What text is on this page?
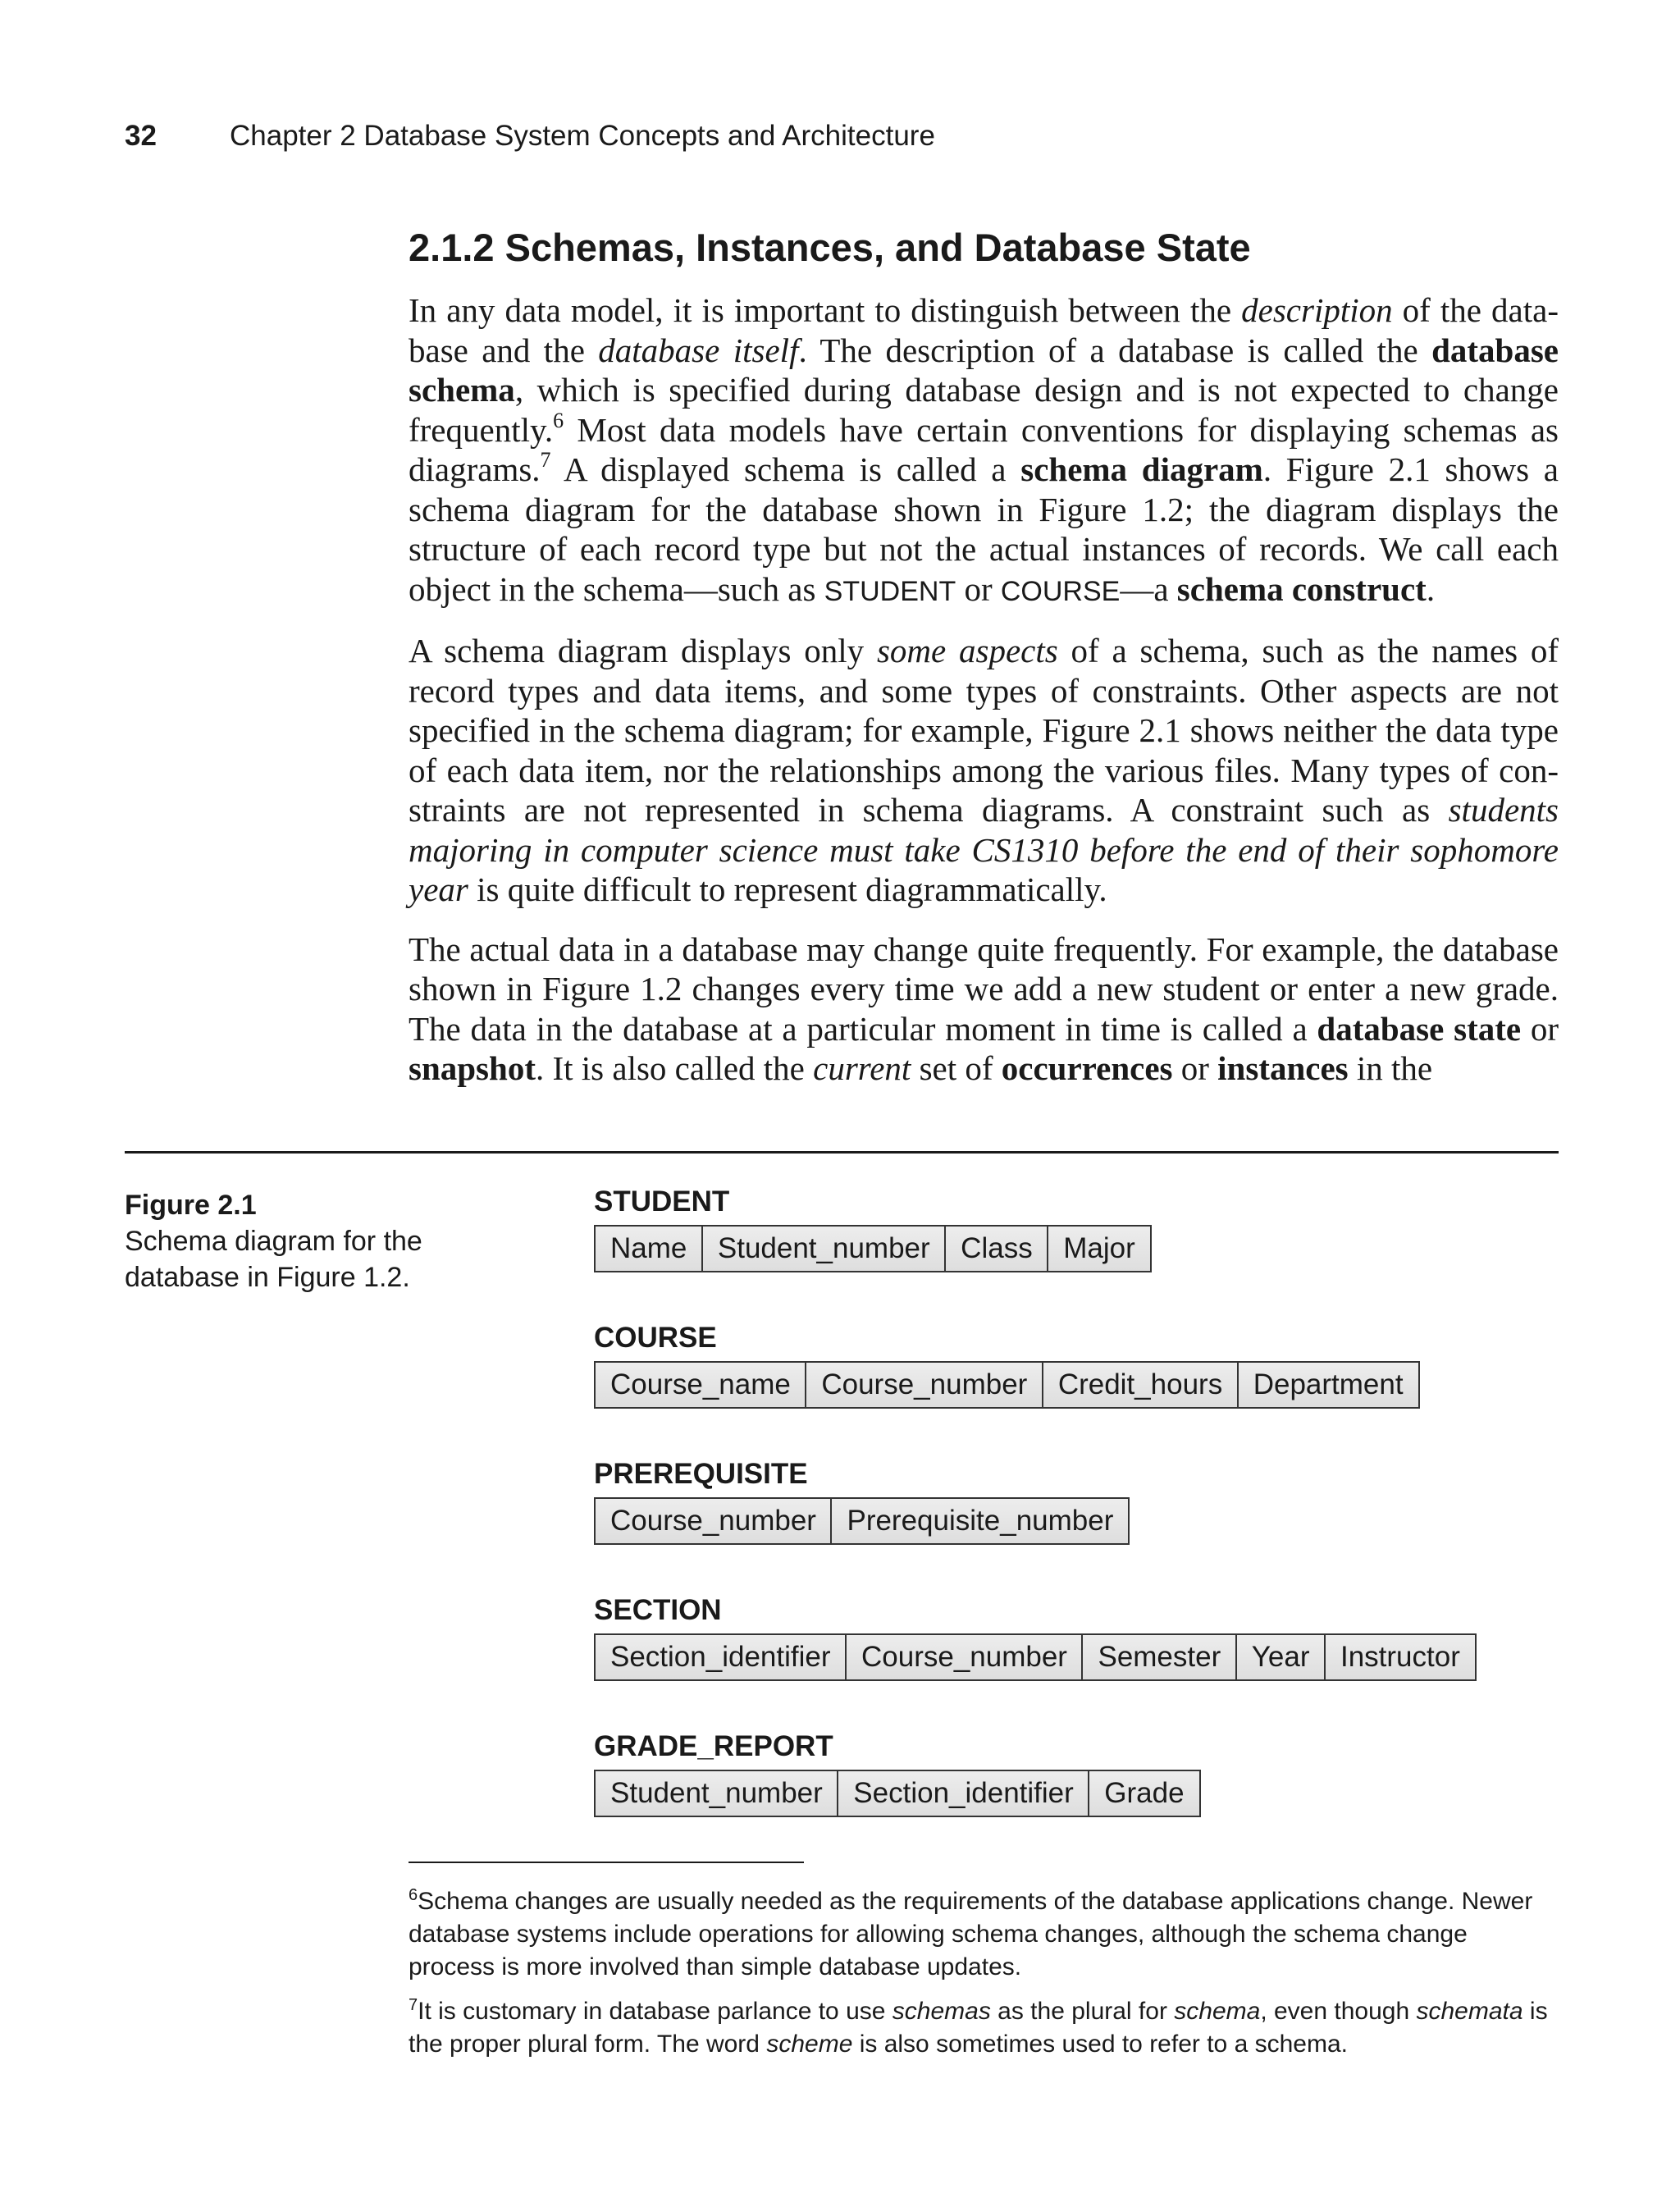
32	Chapter 2 Database System Concepts and Architecture
2.1.2 Schemas, Instances, and Database State

In any data model, it is important to distinguish between the description of the database and the database itself. The description of a database is called the database schema, which is specified during database design and is not expected to change frequently.$^6$ Most data models have certain conventions for displaying schemas as diagrams.$^7$ A displayed schema is called a schema diagram. Figure 2.1 shows a schema diagram for the database shown in Figure 1.2; the diagram displays the structure of each record type but not the actual instances of records. We call each object in the schema—such as STUDENT or COURSE—a schema construct.

A schema diagram displays only some aspects of a schema, such as the names of record types and data items, and some types of constraints. Other aspects are not specified in the schema diagram; for example, Figure 2.1 shows neither the data type of each data item, nor the relationships among the various files. Many types of constraints are not represented in schema diagrams. A constraint such as students majoring in computer science must take CS1310 before the end of their sophomore year is quite difficult to represent diagrammatically.

The actual data in a database may change quite frequently. For example, the database shown in Figure 1.2 changes every time we add a new student or enter a new grade. The data in the database at a particular moment in time is called a database state or snapshot. It is also called the current set of occurrences or instances in the

Figure 2.1
Schema diagram for the database in Figure 1.2.
STUDENT
Name	Student_number	Class	Major
COURSE
Course_name	Course_number	Credit_hours	Department
PREREQUISITE
Course_number	Prerequisite_number
SECTION
Section_identifier	Course_number	Semester	Year	Instructor
GRADE_REPORT
Student_number	Section_identifier	Grade

$^6$Schema changes are usually needed as the requirements of the database applications change. Newer database systems include operations for allowing schema changes, although the schema change process is more involved than simple database updates.

$^7$It is customary in database parlance to use schemas as the plural for schema, even though schemata is the proper plural form. The word scheme is also sometimes used to refer to a schema.
